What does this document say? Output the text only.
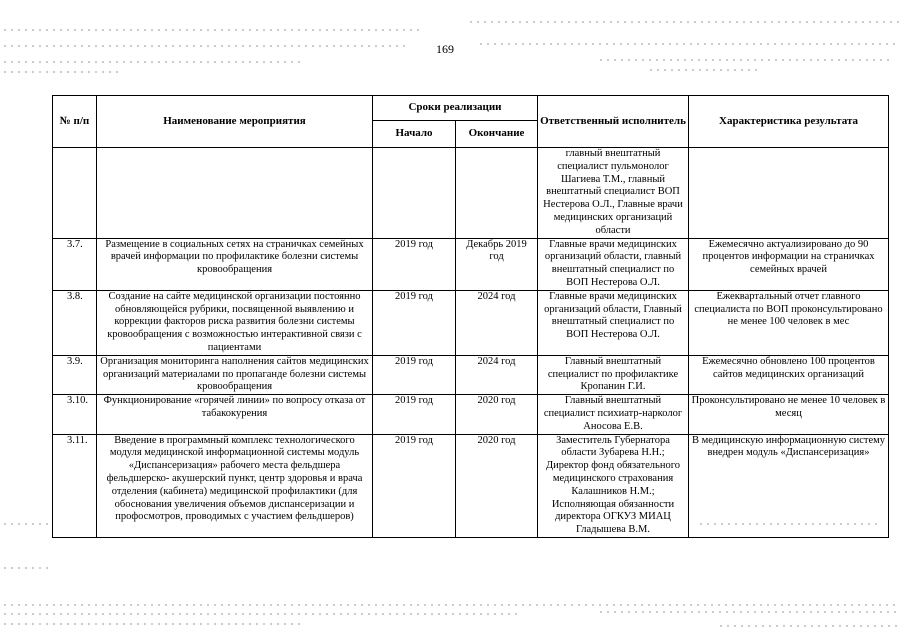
169
№ п/п	Наименование мероприятия	Сроки реализации		Ответственный исполнитель	Характеристика результата
		Начало	Окончание		
				главный внештатный специалист пульмонолог Шагиева Т.М., главный внештатный специалист ВОП Нестерова О.Л., Главные врачи медицинских организаций области	
3.7.	Размещение в социальных сетях на страничках семейных врачей информации по профилактике болезни системы кровообращения	2019 год	Декабрь 2019 год	Главные врачи медицинских организаций области, главный внештатный специалист по ВОП Нестерова О.Л.	Ежемесячно актуализировано до 90 процентов информации на страничках семейных врачей
3.8.	Создание на сайте медицинской организации постоянно обновляющейся рубрики, посвященной выявлению и коррекции факторов риска развития болезни системы кровообращения с возможностью интерактивной связи с пациентами	2019 год	2024 год	Главные врачи медицинских организаций области, Главный внештатный специалист по ВОП Нестерова О.Л.	Ежеквартальный отчет главного специалиста по ВОП проконсультировано не менее 100 человек в мес
3.9.	Организация мониторинга наполнения сайтов медицинских организаций материалами по пропаганде болезни системы кровообращения	2019 год	2024 год	Главный внештатный специалист по профилактике Кропанин Г.И.	Ежемесячно обновлено 100 процентов сайтов медицинских организаций
3.10.	Функционирование «горячей линии» по вопросу отказа от табакокурения	2019 год	2020 год	Главный внештатный специалист психиатр-нарколог Аносова Е.В.	Проконсультировано не менее 10 человек в месяц
3.11.	Введение в программный комплекс технологического модуля медицинской информационной системы модуль «Диспансеризация» рабочего места фельдшера фельдшерско- акушерский пункт, центр здоровья и врача отделения (кабинета) медицинской профилактики (для обоснования увеличения объемов диспансеризации и профосмотров, проводимых с участием фельдшеров)	2019 год	2020 год	Заместитель Губернатора области Зубарева Н.Н.; Директор фонд обязательного медицинского страхования Калашников Н.М.; Исполняющая обязанности директора ОГКУЗ МИАЦ Гладышева В.М.	В медицинскую информационную систему внедрен модуль «Диспансеризация»
